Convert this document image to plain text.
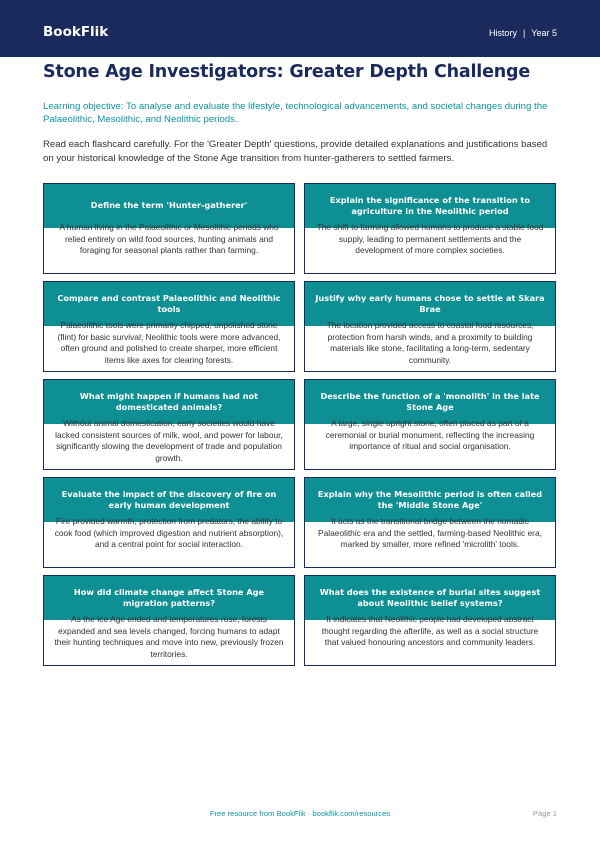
BookFlik	History | Year 5
Stone Age Investigators: Greater Depth Challenge
Learning objective: To analyse and evaluate the lifestyle, technological advancements, and societal changes during the Palaeolithic, Mesolithic, and Neolithic periods.
Read each flashcard carefully. For the 'Greater Depth' questions, provide detailed explanations and justifications based on your historical knowledge of the Stone Age transition from hunter-gatherers to settled farmers.
Define the term 'Hunter-gatherer'
A human living in the Palaeolithic or Mesolithic periods who relied entirely on wild food sources, hunting animals and foraging for seasonal plants rather than farming.
Explain the significance of the transition to agriculture in the Neolithic period
The shift to farming allowed humans to produce a stable food supply, leading to permanent settlements and the development of more complex societies.
Compare and contrast Palaeolithic and Neolithic tools
Palaeolithic tools were primarily chipped, unpolished stone (flint) for basic survival; Neolithic tools were more advanced, often ground and polished to create sharper, more efficient items like axes for clearing forests.
Justify why early humans chose to settle at Skara Brae
The location provided access to coastal food resources, protection from harsh winds, and a proximity to building materials like stone, facilitating a long-term, sedentary community.
What might happen if humans had not domesticated animals?
Without animal domestication, early societies would have lacked consistent sources of milk, wool, and power for labour, significantly slowing the development of trade and population growth.
Describe the function of a 'monolith' in the late Stone Age
A large, single upright stone, often placed as part of a ceremonial or burial monument, reflecting the increasing importance of ritual and social organisation.
Evaluate the impact of the discovery of fire on early human development
Fire provided warmth, protection from predators, the ability to cook food (which improved digestion and nutrient absorption), and a central point for social interaction.
Explain why the Mesolithic period is often called the 'Middle Stone Age'
It acts as the transitional bridge between the nomadic Palaeolithic era and the settled, farming-based Neolithic era, marked by smaller, more refined 'microlith' tools.
How did climate change affect Stone Age migration patterns?
As the Ice Age ended and temperatures rose, forests expanded and sea levels changed, forcing humans to adapt their hunting techniques and move into new, previously frozen territories.
What does the existence of burial sites suggest about Neolithic belief systems?
It indicates that Neolithic people had developed abstract thought regarding the afterlife, as well as a social structure that valued honouring ancestors and community leaders.
Free resource from BookFlik · bookflik.com/resources	Page 1
